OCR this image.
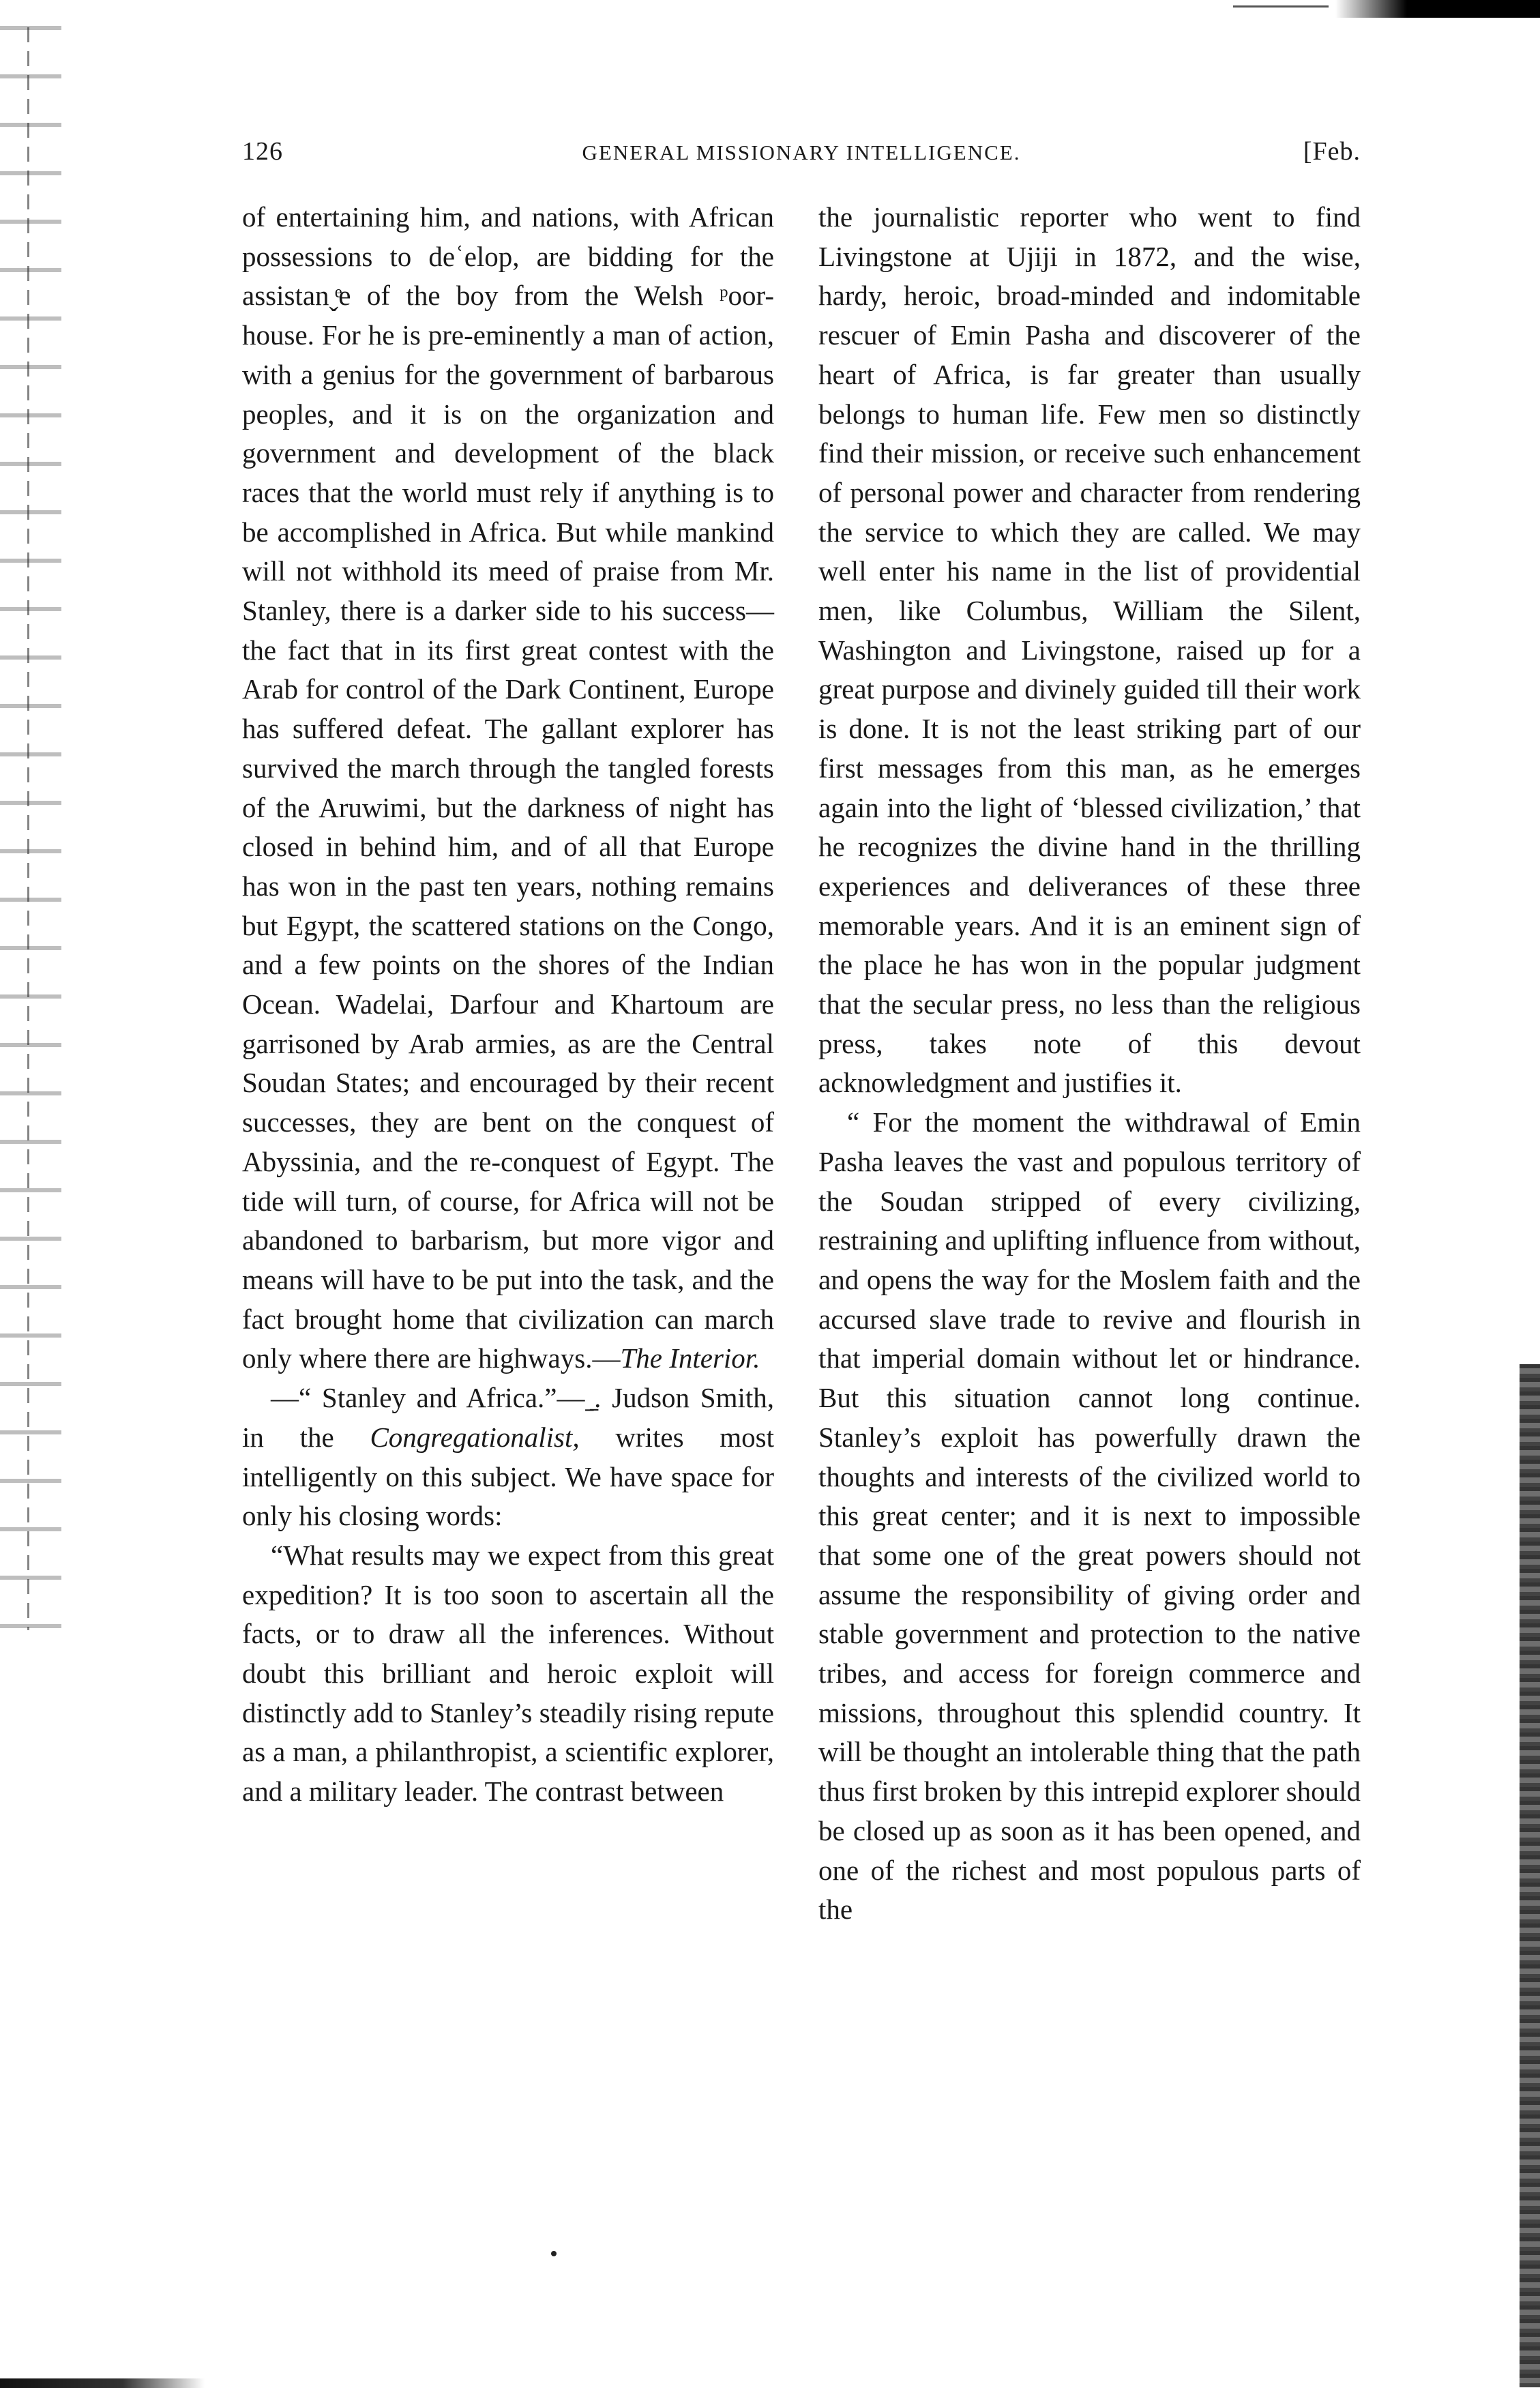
126	GENERAL MISSIONARY INTELLIGENCE.	[Feb.

of entertaining him, and nations, with African possessions to deʿelop, are bidding for the assistanˬͤe of the boy from the Welsh ᵖoor-house. For he is pre-eminently a man of action, with a genius for the government of barbarous peoples, and it is on the organization and government and development of the black races that the world must rely if anything is to be accomplished in Africa. But while mankind will not withhold its meed of praise from Mr. Stanley, there is a darker side to his success—the fact that in its first great contest with the Arab for control of the Dark Continent, Europe has suffered defeat. The gallant explorer has survived the march through the tangled forests of the Aruwimi, but the darkness of night has closed in behind him, and of all that Europe has won in the past ten years, nothing remains but Egypt, the scattered stations on the Congo, and a few points on the shores of the Indian Ocean. Wadelai, Darfour and Khartoum are garrisoned by Arab armies, as are the Central Soudan States; and encouraged by their recent successes, they are bent on the conquest of Abyssinia, and the re-conquest of Egypt. The tide will turn, of course, for Africa will not be abandoned to barbarism, but more vigor and means will have to be put into the task, and the fact brought home that civilization can march only where there are highways.—The Interior.

—“ Stanley and Africa.”—ˍ̱. Judson Smith, in the Congregationalist, writes most intelligently on this subject. We have space for only his closing words:

“What results may we expect from this great expedition? It is too soon to ascertain all the facts, or to draw all the inferences. Without doubt this brilliant and heroic exploit will distinctly add to Stanley’s steadily rising repute as a man, a philanthropist, a scientific explorer, and a military leader. The contrast between

the journalistic reporter who went to find Livingstone at Ujiji in 1872, and the wise, hardy, heroic, broad-minded and indomitable rescuer of Emin Pasha and discoverer of the heart of Africa, is far greater than usually belongs to human life. Few men so distinctly find their mission, or receive such enhancement of personal power and character from rendering the service to which they are called. We may well enter his name in the list of providential men, like Columbus, William the Silent, Washington and Livingstone, raised up for a great purpose and divinely guided till their work is done. It is not the least striking part of our first messages from this man, as he emerges again into the light of ‘blessed civilization,’ that he recognizes the divine hand in the thrilling experiences and deliverances of these three memorable years. And it is an eminent sign of the place he has won in the popular judgment that the secular press, no less than the religious press, takes note of this devout acknowledgment and justifies it.

“ For the moment the withdrawal of Emin Pasha leaves the vast and populous territory of the Soudan stripped of every civilizing, restraining and uplifting influence from without, and opens the way for the Moslem faith and the accursed slave trade to revive and flourish in that imperial domain without let or hindrance. But this situation cannot long continue. Stanley’s exploit has powerfully drawn the thoughts and interests of the civilized world to this great center; and it is next to impossible that some one of the great powers should not assume the responsibility of giving order and stable government and protection to the native tribes, and access for foreign commerce and missions, throughout this splendid country. It will be thought an intolerable thing that the path thus first broken by this intrepid explorer should be closed up as soon as it has been opened, and one of the richest and most populous parts of the
